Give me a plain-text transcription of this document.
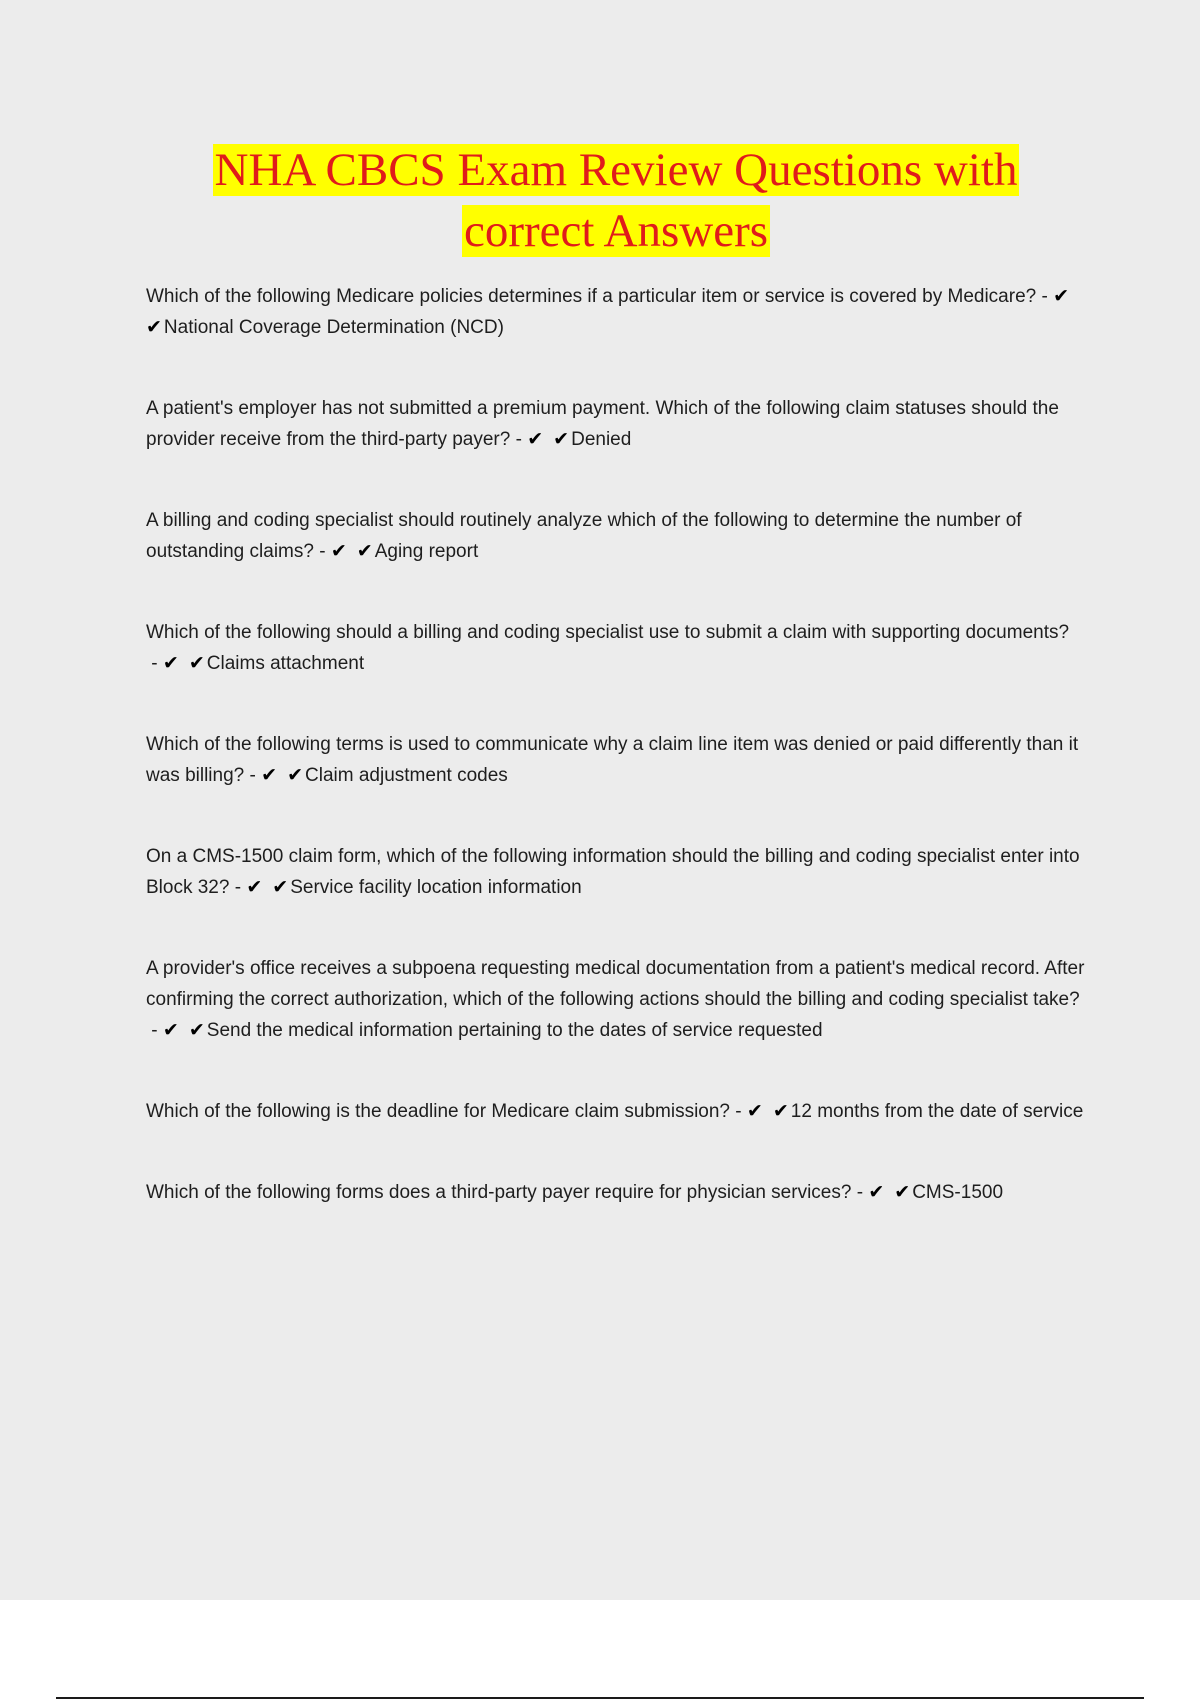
NHA CBCS Exam Review Questions with
correct Answers
Which of the following Medicare policies determines if a particular item or service is covered by Medicare? - ✔ ✔National Coverage Determination (NCD)
A patient's employer has not submitted a premium payment. Which of the following claim statuses should the provider receive from the third-party payer? - ✔ ✔Denied
A billing and coding specialist should routinely analyze which of the following to determine the number of outstanding claims? - ✔ ✔Aging report
Which of the following should a billing and coding specialist use to submit a claim with supporting documents? - ✔ ✔Claims attachment
Which of the following terms is used to communicate why a claim line item was denied or paid differently than it was billing? - ✔ ✔Claim adjustment codes
On a CMS-1500 claim form, which of the following information should the billing and coding specialist enter into Block 32? - ✔ ✔Service facility location information
A provider's office receives a subpoena requesting medical documentation from a patient's medical record. After confirming the correct authorization, which of the following actions should the billing and coding specialist take? - ✔ ✔Send the medical information pertaining to the dates of service requested
Which of the following is the deadline for Medicare claim submission? - ✔ ✔12 months from the date of service
Which of the following forms does a third-party payer require for physician services? - ✔ ✔CMS-1500
